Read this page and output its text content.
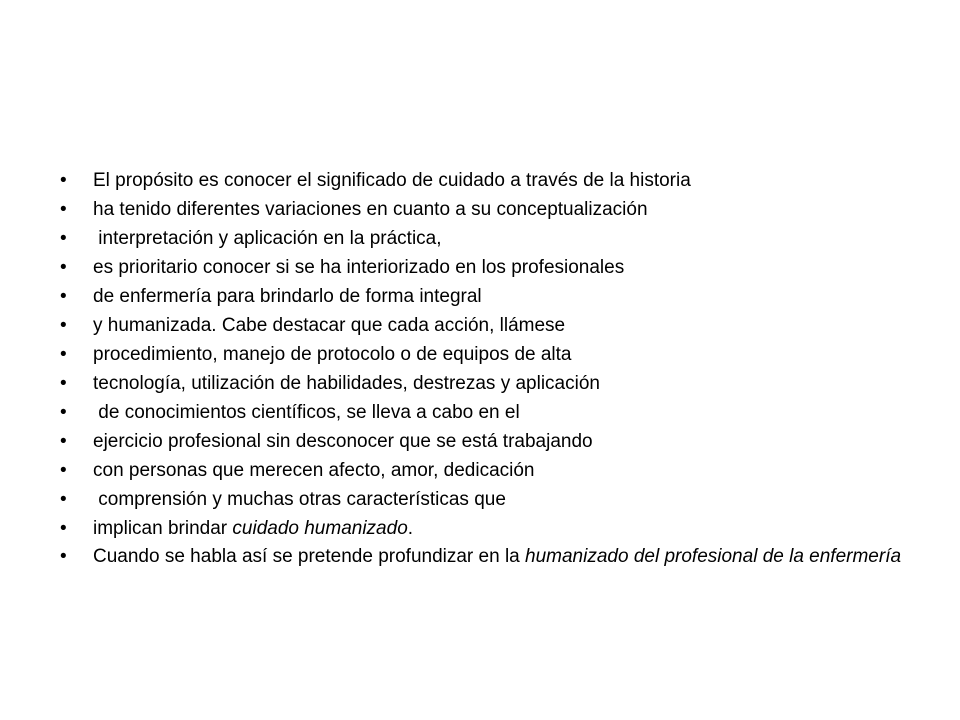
•	El propósito es conocer el significado de cuidado a través de la historia
•	ha tenido diferentes variaciones en cuanto a su conceptualización
•	interpretación y aplicación en la práctica,
•	es prioritario conocer si se ha interiorizado en los profesionales
•	de enfermería para brindarlo de forma integral
•	y humanizada. Cabe destacar que cada acción, llámese
•	procedimiento, manejo de protocolo o de equipos de alta
•	tecnología, utilización de habilidades, destrezas y aplicación
•	de conocimientos científicos, se lleva a cabo en el
•	ejercicio profesional sin desconocer que se está trabajando
•	con personas que merecen afecto, amor, dedicación
•	comprensión y muchas otras características que
•	implican brindar cuidado humanizado.
•	Cuando se habla así se pretende profundizar en la humanizado del profesional de la enfermería
